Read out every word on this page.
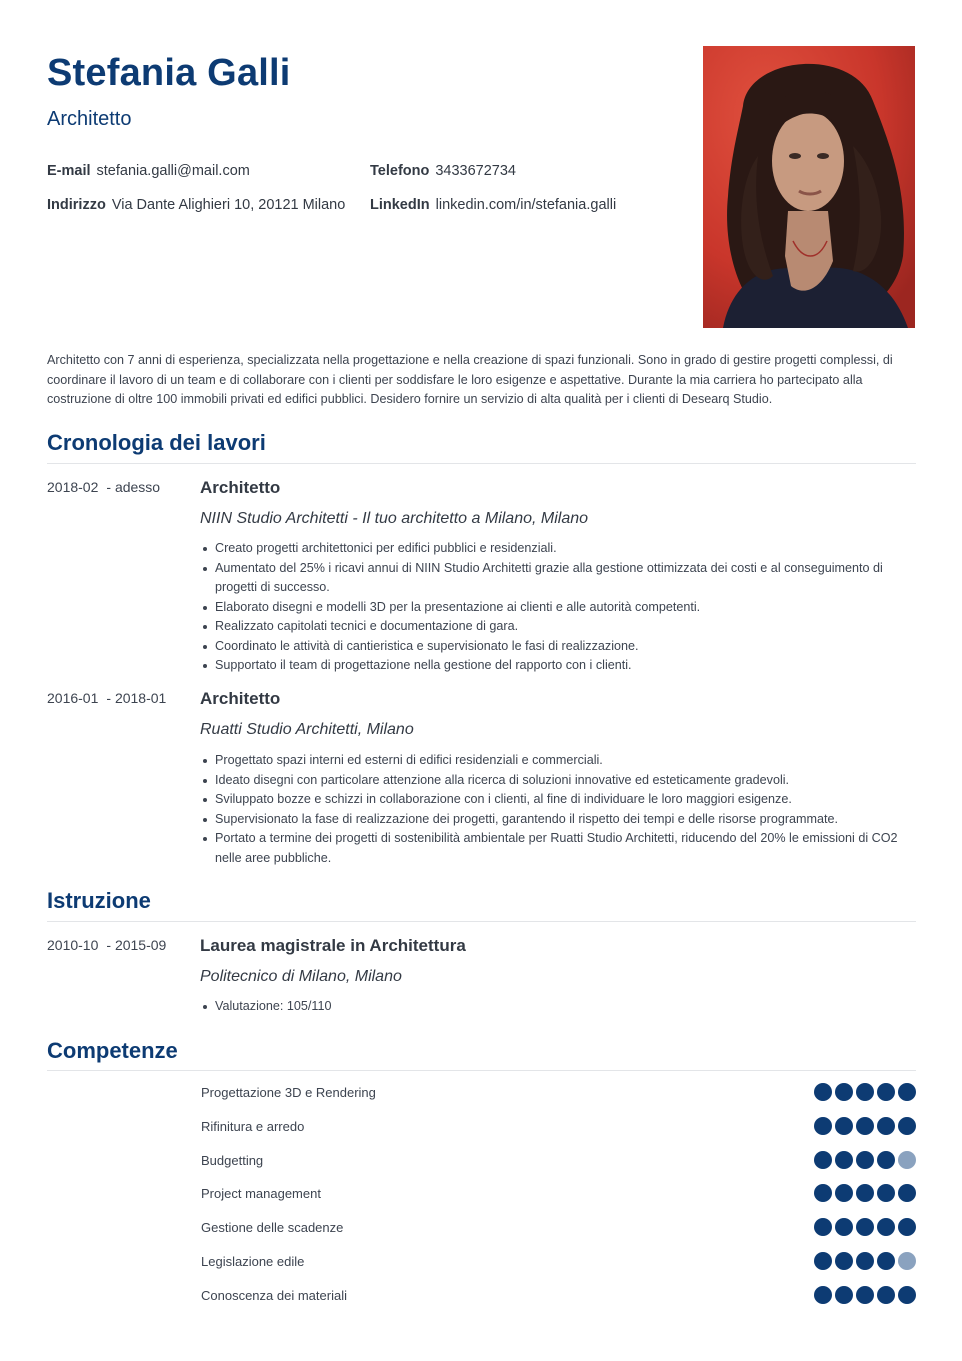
Stefania Galli
Architetto
E-mail stefania.galli@mail.com	Telefono 3433672734
Indirizzo Via Dante Alighieri 10, 20121 Milano LinkedIn linkedin.com/in/stefania.galli
Architetto con 7 anni di esperienza, specializzata nella progettazione e nella creazione di spazi funzionali. Sono in grado di gestire progetti complessi, di coordinare il lavoro di un team e di collaborare con i clienti per soddisfare le loro esigenze e aspettative. Durante la mia carriera ho partecipato alla costruzione di oltre 100 immobili privati ed edifici pubblici. Desidero fornire un servizio di alta qualità per i clienti di Desearq Studio.
Cronologia dei lavori
2018-02 - adesso Architetto
NIIN Studio Architetti - Il tuo architetto a Milano, Milano
Creato progetti architettonici per edifici pubblici e residenziali.
Aumentato del 25% i ricavi annui di NIIN Studio Architetti grazie alla gestione ottimizzata dei costi e al conseguimento di progetti di successo.
Elaborato disegni e modelli 3D per la presentazione ai clienti e alle autorità competenti.
Realizzato capitolati tecnici e documentazione di gara.
Coordinato le attività di cantieristica e supervisionato le fasi di realizzazione.
Supportato il team di progettazione nella gestione del rapporto con i clienti.
2016-01 - 2018-01 Architetto
Ruatti Studio Architetti, Milano
Progettato spazi interni ed esterni di edifici residenziali e commerciali.
Ideato disegni con particolare attenzione alla ricerca di soluzioni innovative ed esteticamente gradevoli.
Sviluppato bozze e schizzi in collaborazione con i clienti, al fine di individuare le loro maggiori esigenze.
Supervisionato la fase di realizzazione dei progetti, garantendo il rispetto dei tempi e delle risorse programmate.
Portato a termine dei progetti di sostenibilità ambientale per Ruatti Studio Architetti, riducendo del 20% le emissioni di CO2 nelle aree pubbliche.
Istruzione
2010-10 - 2015-09 Laurea magistrale in Architettura
Politecnico di Milano, Milano
Valutazione: 105/110
Competenze
Progettazione 3D e Rendering
Rifinitura e arredo
Budgetting
Project management
Gestione delle scadenze
Legislazione edile
Conoscenza dei materiali
